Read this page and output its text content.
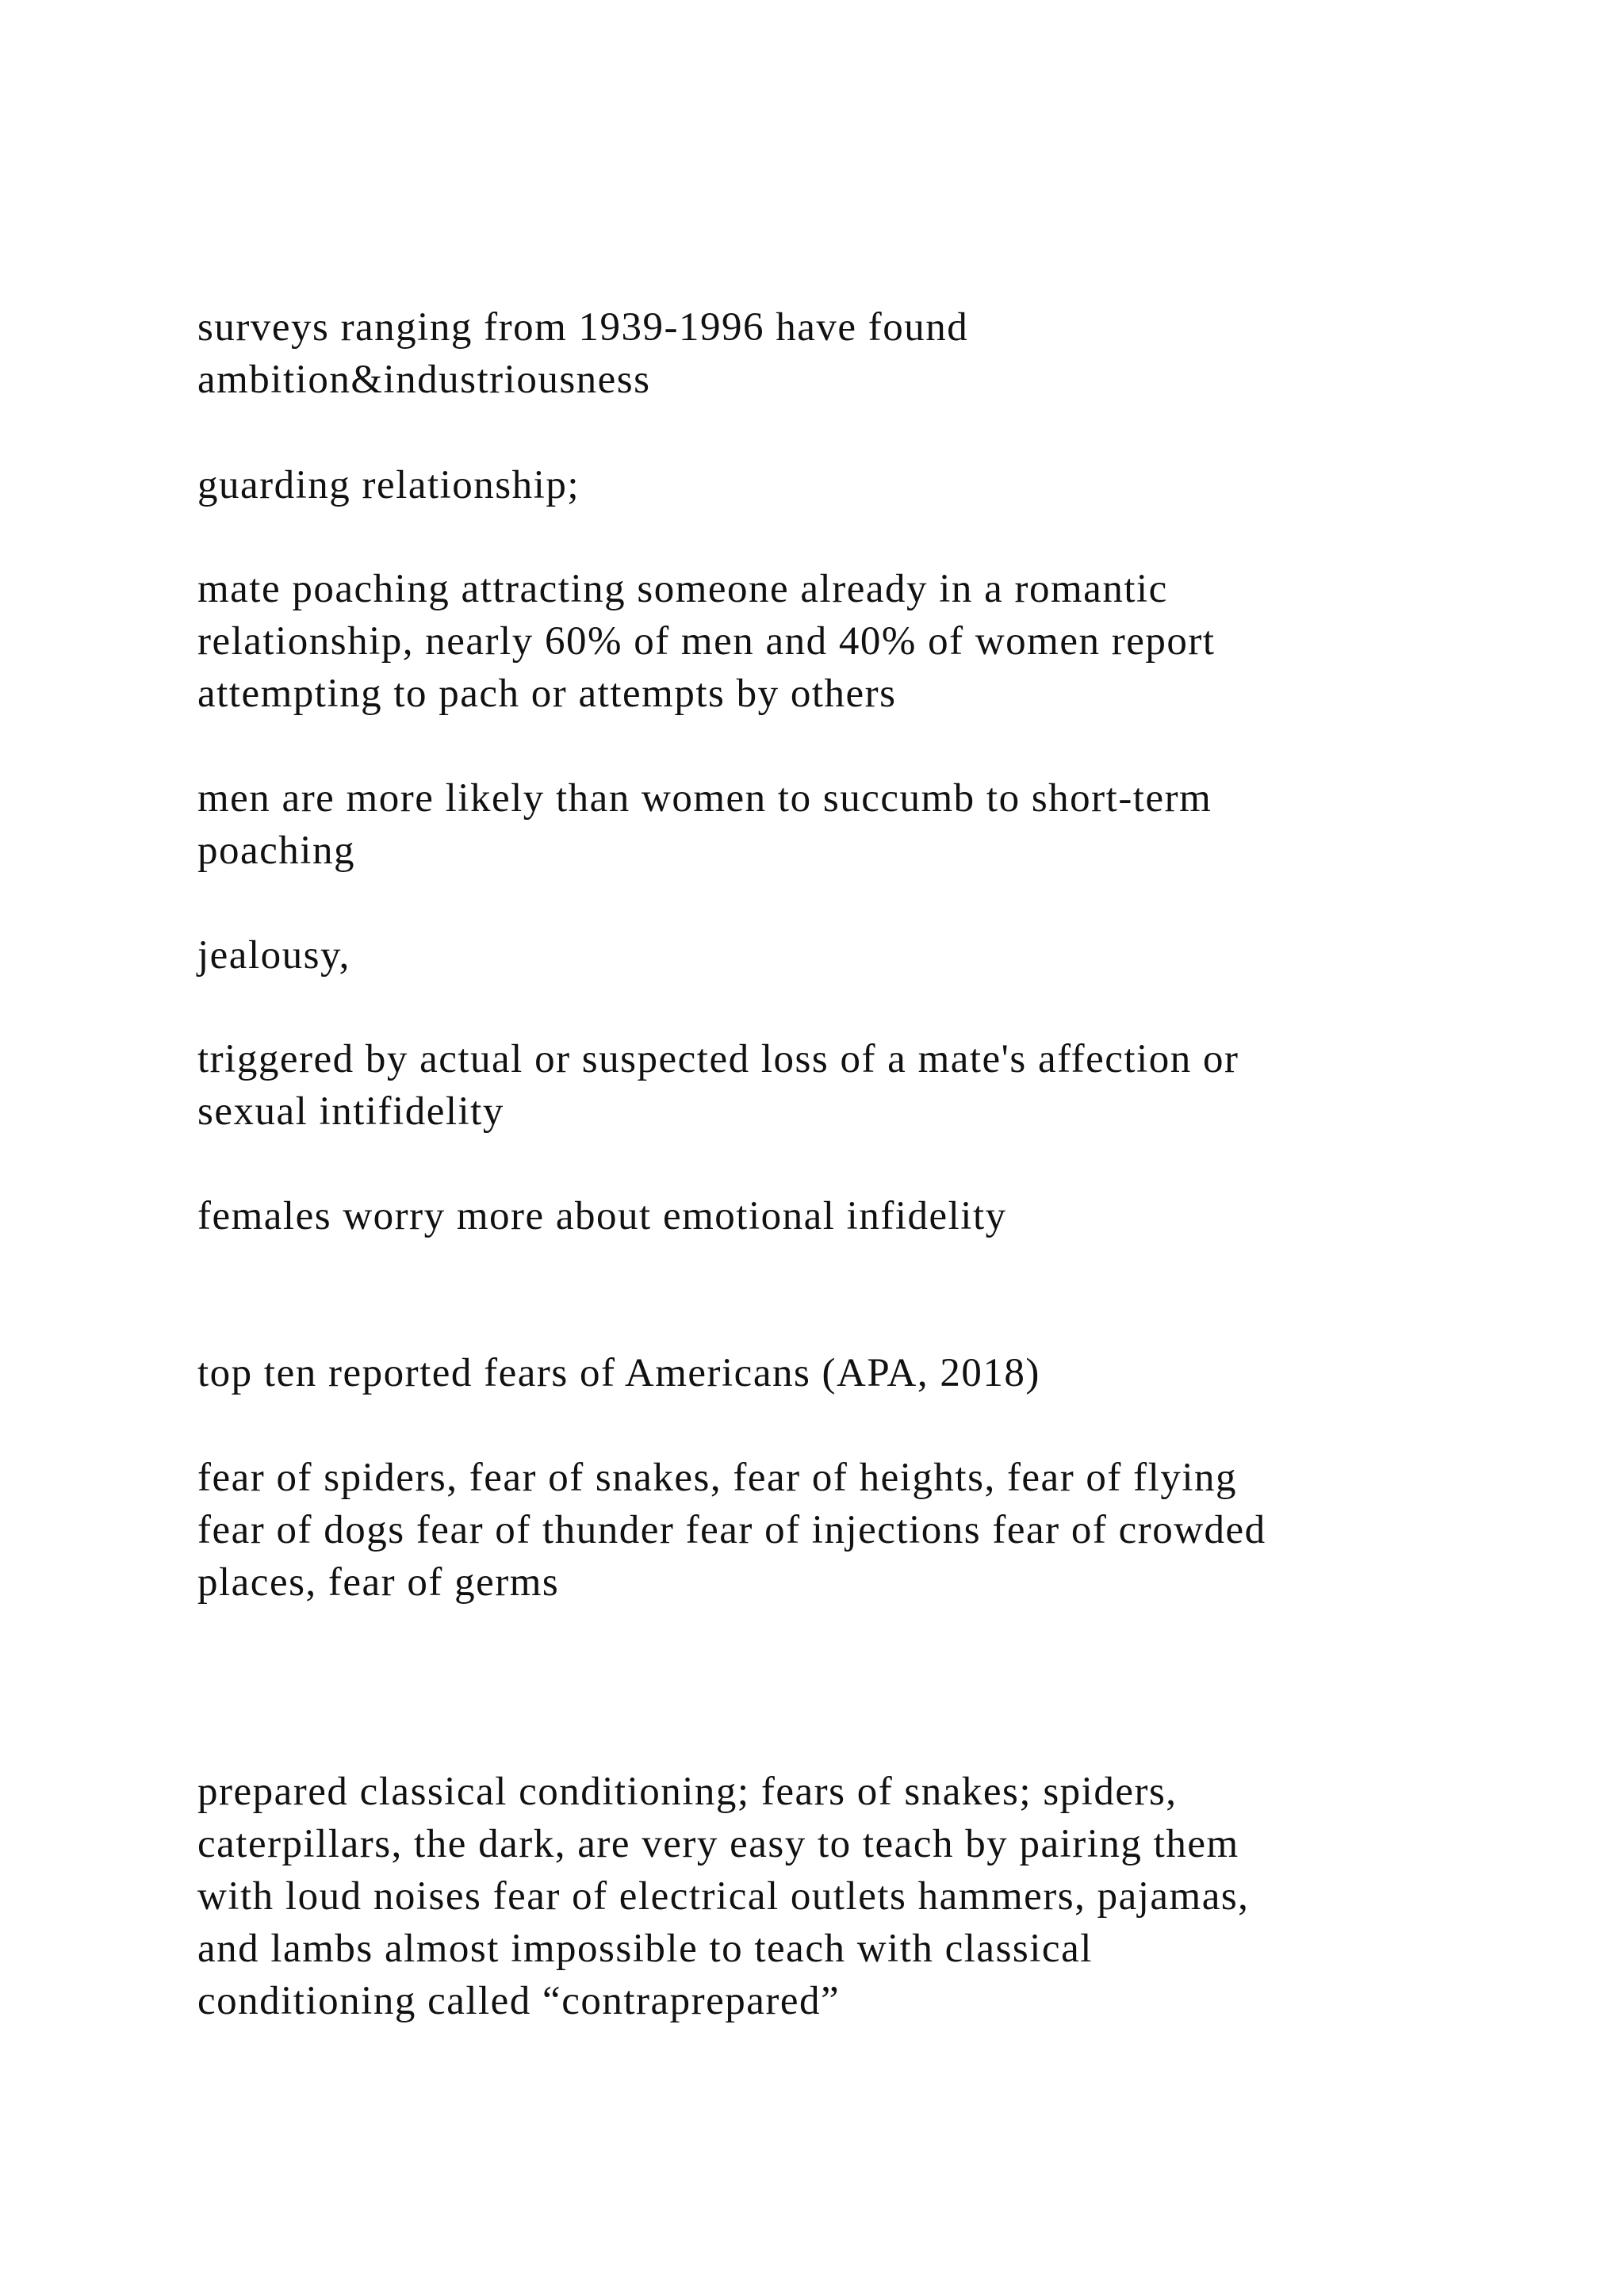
surveys ranging from 1939-1996 have found
ambition&industriousness

guarding relationship;

mate poaching attracting someone already in a romantic
relationship, nearly 60% of men and 40% of women report
attempting to pach or attempts by others

men are more likely than women to succumb to short-term
poaching

jealousy,

triggered by actual or suspected loss of a mate's affection or
sexual intifidelity

females worry more about emotional infidelity

top ten reported fears of Americans (APA, 2018)

fear of spiders, fear of snakes, fear of heights, fear of flying
fear of dogs fear of thunder fear of injections fear of crowded
places, fear of germs

prepared classical conditioning; fears of snakes; spiders,
caterpillars, the dark, are very easy to teach by pairing them
with loud noises fear of electrical outlets hammers, pajamas,
and lambs almost impossible to teach with classical
conditioning called “contraprepared”
